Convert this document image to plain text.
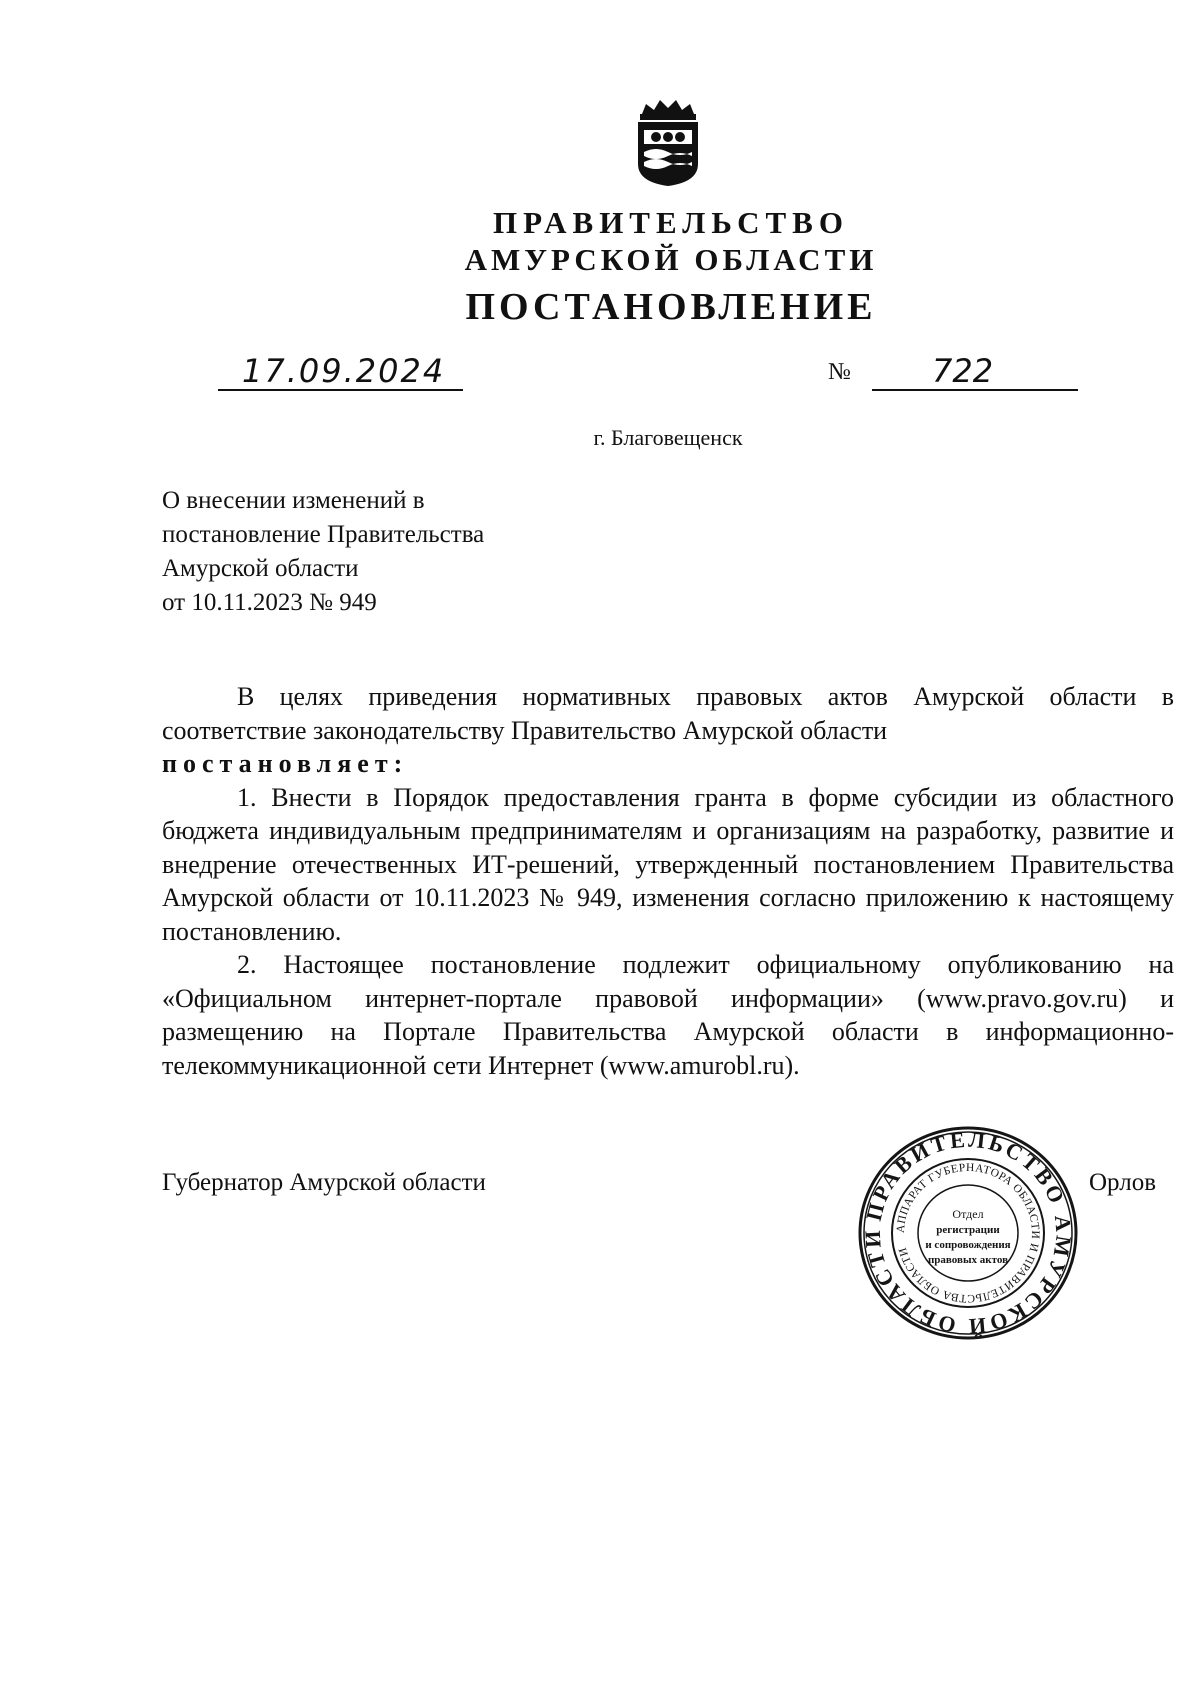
ПРАВИТЕЛЬСТВО
АМУРСКОЙ ОБЛАСТИ
ПОСТАНОВЛЕНИЕ
17.09.2024	№	722
г. Благовещенск
О внесении изменений в
постановление Правительства
Амурской области
от 10.11.2023 № 949

В целях приведения нормативных правовых актов Амурской области в соответствие законодательству Правительство Амурской области

постановляет:

1. Внести в Порядок предоставления гранта в форме субсидии из областного бюджета индивидуальным предпринимателям и организациям на разработку, развитие и внедрение отечественных ИТ-решений, утвержденный постановлением Правительства Амурской области от 10.11.2023 № 949, изменения согласно приложению к настоящему постановлению.

2. Настоящее постановление подлежит официальному опубликованию на «Официальном интернет-портале правовой информации» (www.pravo.gov.ru) и размещению на Портале Правительства Амурской области в информационно-телекоммуникационной сети Интернет (www.amurobl.ru).

Губернатор Амурской области	Орлов
ПРАВИТЕЛЬСТВО АМУРСКОЙ ОБЛАСТИ АППАРАТ ГУБЕРНАТОРА ОБЛАСТИ И ПРАВИТЕЛЬСТВА ОБЛАСТИ
Отдел
регистрации
и сопровождения
правовых актов
